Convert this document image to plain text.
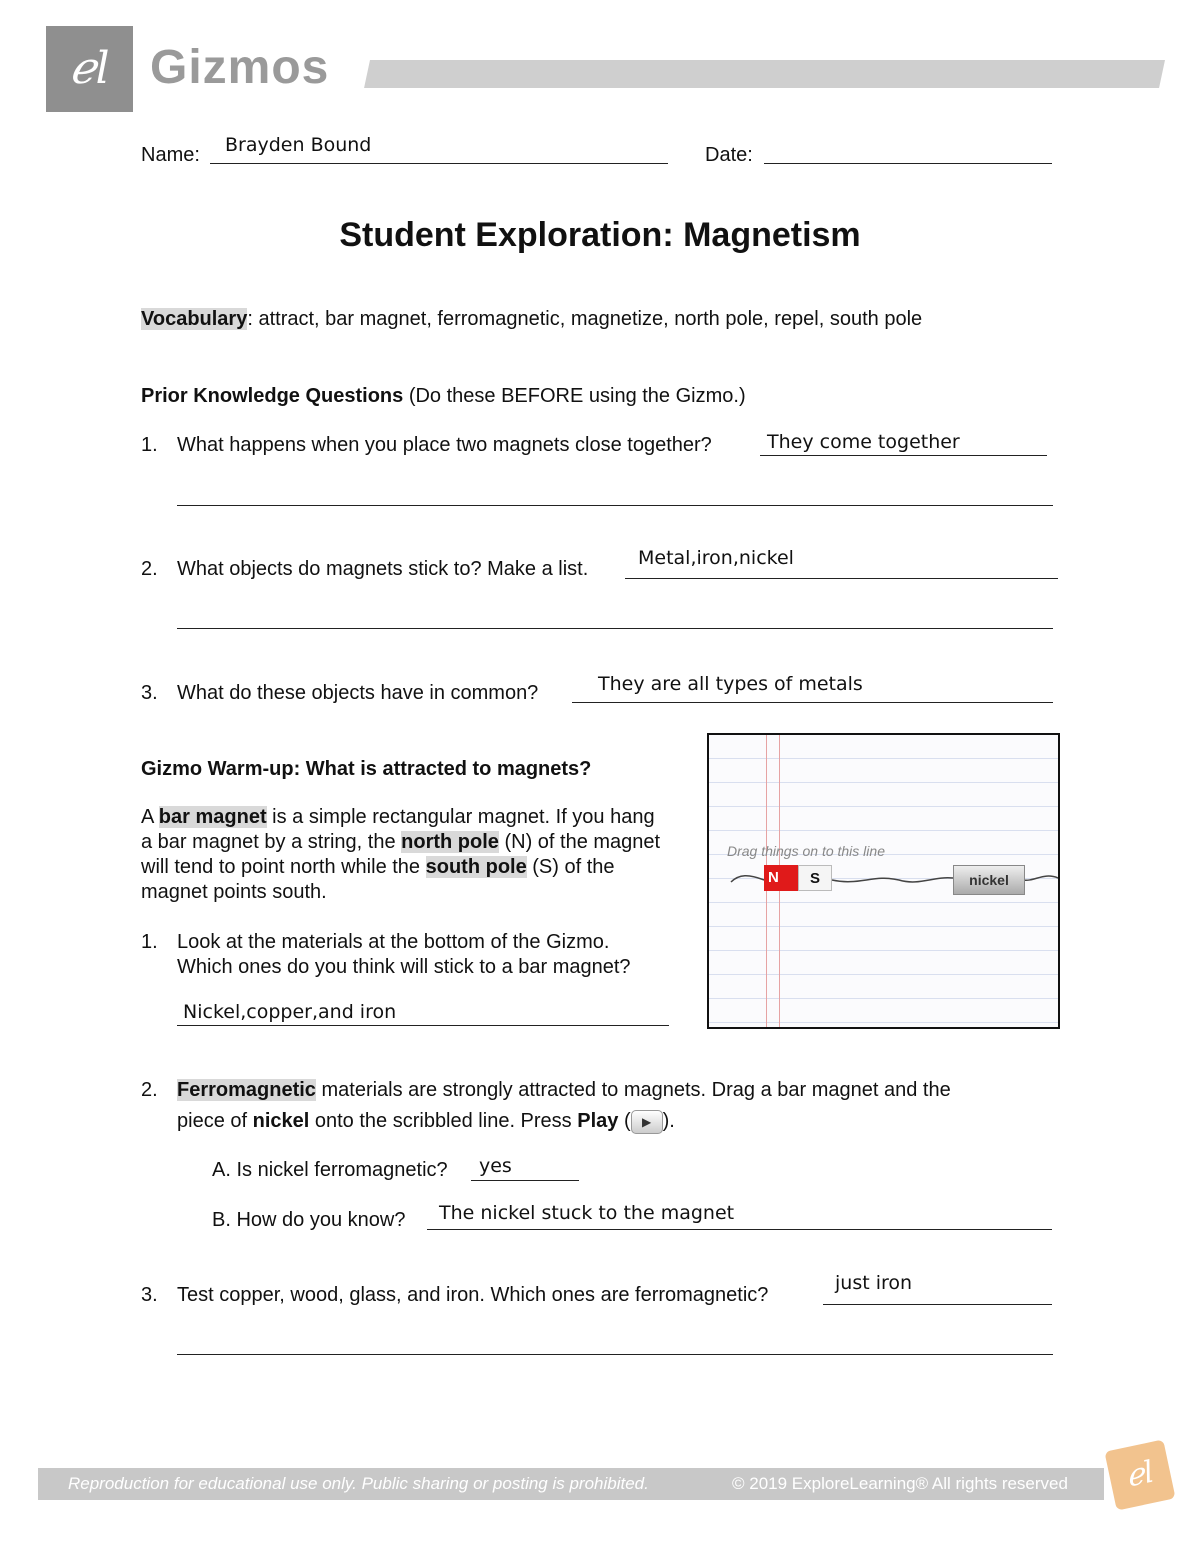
ℯl Gizmos
Name: Brayden Bound	Date:
Student Exploration: Magnetism
Vocabulary: attract, bar magnet, ferromagnetic, magnetize, north pole, repel, south pole
Prior Knowledge Questions (Do these BEFORE using the Gizmo.)
1. What happens when you place two magnets close together?	They come together
2. What objects do magnets stick to? Make a list.	Metal,iron,nickel
3. What do these objects have in common?	They are all types of metals
Gizmo Warm-up: What is attracted to magnets?
A bar magnet is a simple rectangular magnet. If you hang a bar magnet by a string, the north pole (N) of the magnet will tend to point north while the south pole (S) of the magnet points south.
1. Look at the materials at the bottom of the Gizmo.
Which ones do you think will stick to a bar magnet?
Nickel,copper,and iron
Drag things on to this line
N	S	nickel
2. Ferromagnetic materials are strongly attracted to magnets. Drag a bar magnet and the
piece of nickel onto the scribbled line. Press Play ( ▶ ).
A. Is nickel ferromagnetic? yes
B. How do you know? The nickel stuck to the magnet
3. Test copper, wood, glass, and iron. Which ones are ferromagnetic?
just iron
Reproduction for educational use only. Public sharing or posting is prohibited.	© 2019 ExploreLearning® All rights reserved	ℯl
